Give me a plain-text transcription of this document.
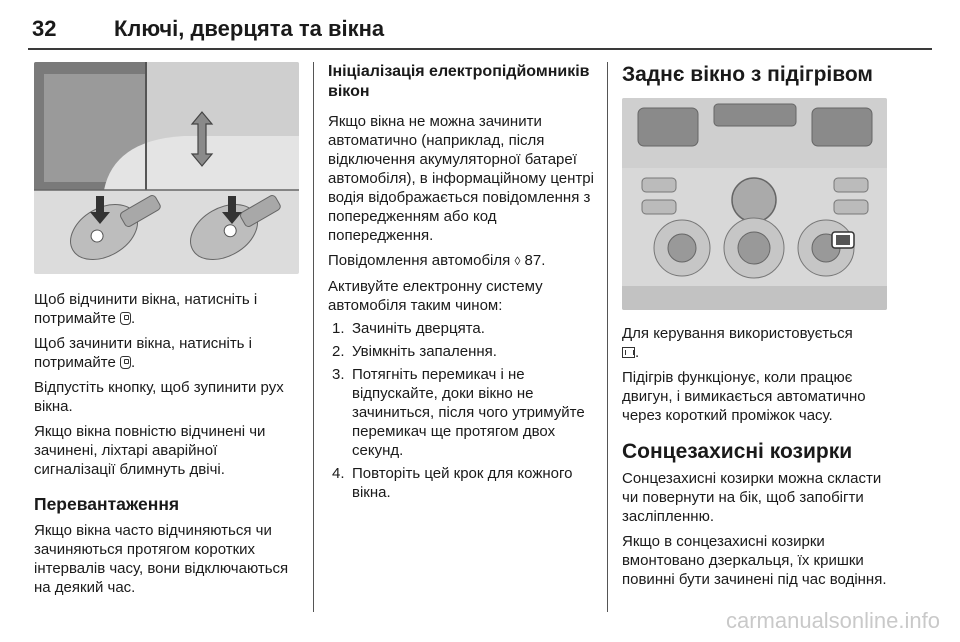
32	Ключі, дверцята та вікна

Щоб відчинити вікна, натисніть і потримайте .

Щоб зачинити вікна, натисніть і потримайте .

Відпустіть кнопку, щоб зупинити рух вікна.

Якщо вікна повністю відчинені чи зачинені, ліхтарі аварійної сигналізації блимнуть двічі.

Перевантаження

Якщо вікна часто відчиняються чи зачиняються протягом коротких інтервалів часу, вони відключаються на деякий час.

Ініціалізація електропідйомників вікон

Якщо вікна не можна зачинити автоматично (наприклад, після відключення акумуляторної батареї автомобіля), в інформаційному центрі водія відображається повідомлення з попередженням або код попередження.

Повідомлення автомобіля ◊ 87.

Активуйте електронну систему автомобіля таким чином:

1. Зачиніть дверцята.
2. Увімкніть запалення.
3. Потягніть перемикач і не відпускайте, доки вікно не зачиниться, після чого утримуйте перемикач ще протягом двох секунд.
4. Повторіть цей крок для кожного вікна.
Заднє вікно з підігрівом

Для керування використовується
.

Підігрів функціонує, коли працює двигун, і вимикається автоматично через короткий проміжок часу.

Сонцезахисні козирки

Сонцезахисні козирки можна скласти чи повернути на бік, щоб запобігти засліпленню.

Якщо в сонцезахисні козирки вмонтовано дзеркальця, їх кришки повинні бути зачинені під час водіння.

carmanualsonline.info
